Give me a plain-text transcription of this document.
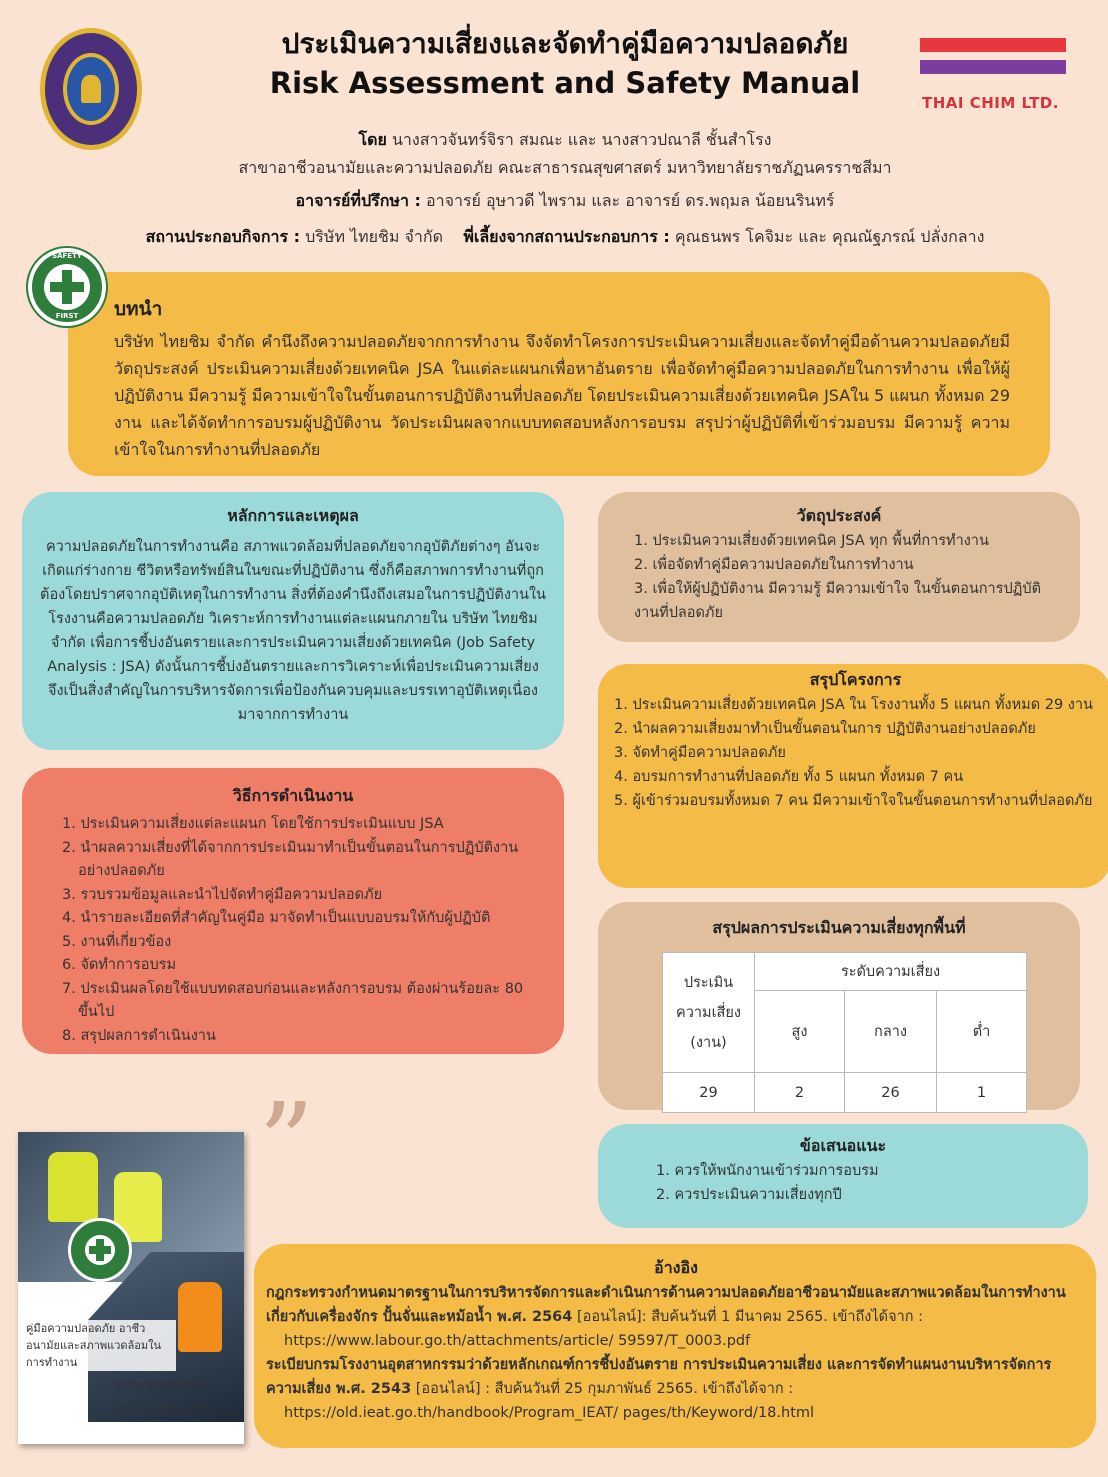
ประเมินความเสี่ยงและจัดทำคู่มือความปลอดภัย
Risk Assessment and Safety Manual
THAI CHIM LTD.
โดย นางสาวจันทร์จิรา สมณะ และ นางสาวปณาลี ชั้นสำโรง
สาขาอาชีวอนามัยและความปลอดภัย คณะสาธารณสุขศาสตร์ มหาวิทยาลัยราชภัฏนครราชสีมา
อาจารย์ที่ปรึกษา : อาจารย์ อุษาวดี ไพราม และ อาจารย์ ดร.พฤมล น้อยนรินทร์
สถานประกอบกิจการ : บริษัท ไทยชิม จำกัด พี่เลี้ยงจากสถานประกอบการ : คุณธนพร โคจิมะ และ คุณณัฐภรณ์ ปลั่งกลาง
บทนำ

บริษัท ไทยชิม จำกัด คำนึงถึงความปลอดภัยจากการทำงาน จึงจัดทำโครงการประเมินความเสี่ยงและจัดทำคู่มือด้านความปลอดภัยมีวัตถุประสงค์ ประเมินความเสี่ยงด้วยเทคนิค JSA ในแต่ละแผนกเพื่อหาอันตราย เพื่อจัดทำคู่มือความปลอดภัยในการทำงาน เพื่อให้ผู้ปฏิบัติงาน มีความรู้ มีความเข้าใจในขั้นตอนการปฏิบัติงานที่ปลอดภัย โดยประเมินความเสี่ยงด้วยเทคนิค JSAใน 5 แผนก ทั้งหมด 29 งาน และได้จัดทำการอบรมผู้ปฏิบัติงาน วัดประเมินผลจากแบบทดสอบหลังการอบรม สรุปว่าผู้ปฏิบัติที่เข้าร่วมอบรม มีความรู้ ความเข้าใจในการทำงานที่ปลอดภัย

SAFETY
FIRST
หลักการและเหตุผล

ความปลอดภัยในการทำงานคือ สภาพแวดล้อมที่ปลอดภัยจากอุบัติภัยต่างๆ อันจะเกิดแก่ร่างกาย ชีวิตหรือทรัพย์สินในขณะที่ปฏิบัติงาน ซึ่งก็คือสภาพการทำงานที่ถูกต้องโดยปราศจากอุบัติเหตุในการทำงาน สิ่งที่ต้องคำนึงถึงเสมอในการปฏิบัติงานในโรงงานคือความปลอดภัย วิเคราะห์การทำงานแต่ละแผนกภายใน บริษัท ไทยชิม จำกัด เพื่อการชี้บ่งอันตรายและการประเมินความเสี่ยงด้วยเทคนิค (Job Safety Analysis : JSA) ดังนั้นการชี้บ่งอันตรายและการวิเคราะห์เพื่อประเมินความเสี่ยง จึงเป็นสิ่งสำคัญในการบริหารจัดการเพื่อป้องกันควบคุมและบรรเทาอุบัติเหตุเนื่องมาจากการทำงาน

วิธีการดำเนินงาน
1. ประเมินความเสี่ยงแต่ละแผนก โดยใช้การประเมินแบบ JSA
2. นำผลความเสี่ยงที่ได้จากการประเมินมาทำเป็นขั้นตอนในการปฏิบัติงานอย่างปลอดภัย
3. รวบรวมข้อมูลและนำไปจัดทำคู่มือความปลอดภัย
4. นำรายละเอียดที่สำคัญในคู่มือ มาจัดทำเป็นแบบอบรมให้กับผู้ปฏิบัติ
5. งานที่เกี่ยวข้อง
6. จัดทำการอบรม
7. ประเมินผลโดยใช้แบบทดสอบก่อนและหลังการอบรม ต้องผ่านร้อยละ 80 ขึ้นไป
8. สรุปผลการดำเนินงาน
วัตถุประสงค์
1. ประเมินความเสี่ยงด้วยเทคนิค JSA ทุก พื้นที่การทำงาน
2. เพื่อจัดทำคู่มือความปลอดภัยในการทำงาน
3. เพื่อให้ผู้ปฏิบัติงาน มีความรู้ มีความเข้าใจ ในขั้นตอนการปฏิบัติงานที่ปลอดภัย
สรุปโครงการ
1. ประเมินความเสี่ยงด้วยเทคนิค JSA ใน โรงงานทั้ง 5 แผนก ทั้งหมด 29 งาน
2. นำผลความเสี่ยงมาทำเป็นขั้นตอนในการ ปฏิบัติงานอย่างปลอดภัย
3. จัดทำคู่มือความปลอดภัย
4. อบรมการทำงานที่ปลอดภัย ทั้ง 5 แผนก ทั้งหมด 7 คน
5. ผู้เข้าร่วมอบรมทั้งหมด 7 คน มีความเข้าใจในขั้นตอนการทำงานที่ปลอดภัย
สรุปผลการประเมินความเสี่ยงทุกพื้นที่
ประเมิน
ความเสี่ยง
(งาน)	ระดับความเสี่ยง		
	สูง	กลาง	ต่ำ
29	2	26	1
”	ข้อเสนอแนะ
1. ควรให้พนักงานเข้าร่วมการอบรม
2. ควรประเมินความเสี่ยงทุกปี
อ้างอิง

กฎกระทรวงกำหนดมาตรฐานในการบริหารจัดการและดำเนินการด้านความปลอดภัยอาชีวอนามัยและสภาพแวดล้อมในการทำงานเกี่ยวกับเครื่องจักร ปั้นจั่นและหม้อน้ำ พ.ศ. 2564 [ออนไลน์]: สืบค้นวันที่ 1 มีนาคม 2565. เข้าถึงได้จาก :

https://www.labour.go.th/attachments/article/ 59597/T_0003.pdf

ระเบียบกรมโรงงานอุตสาหกรรมว่าด้วยหลักเกณฑ์การชี้บ่งอันตราย การประเมินความเสี่ยง และการจัดทำแผนงานบริหารจัดการความเสี่ยง พ.ศ. 2543 [ออนไลน์] : สืบค้นวันที่ 25 กุมภาพันธ์ 2565. เข้าถึงได้จาก :

https://old.ieat.go.th/handbook/Program_IEAT/ pages/th/Keyword/18.html

คู่มือความปลอดภัย อาชีวอนามัยและสภาพแวดล้อมในการทำงาน
บริษัท ไทยชิม จำกัด
THAI CHIM LTD.
